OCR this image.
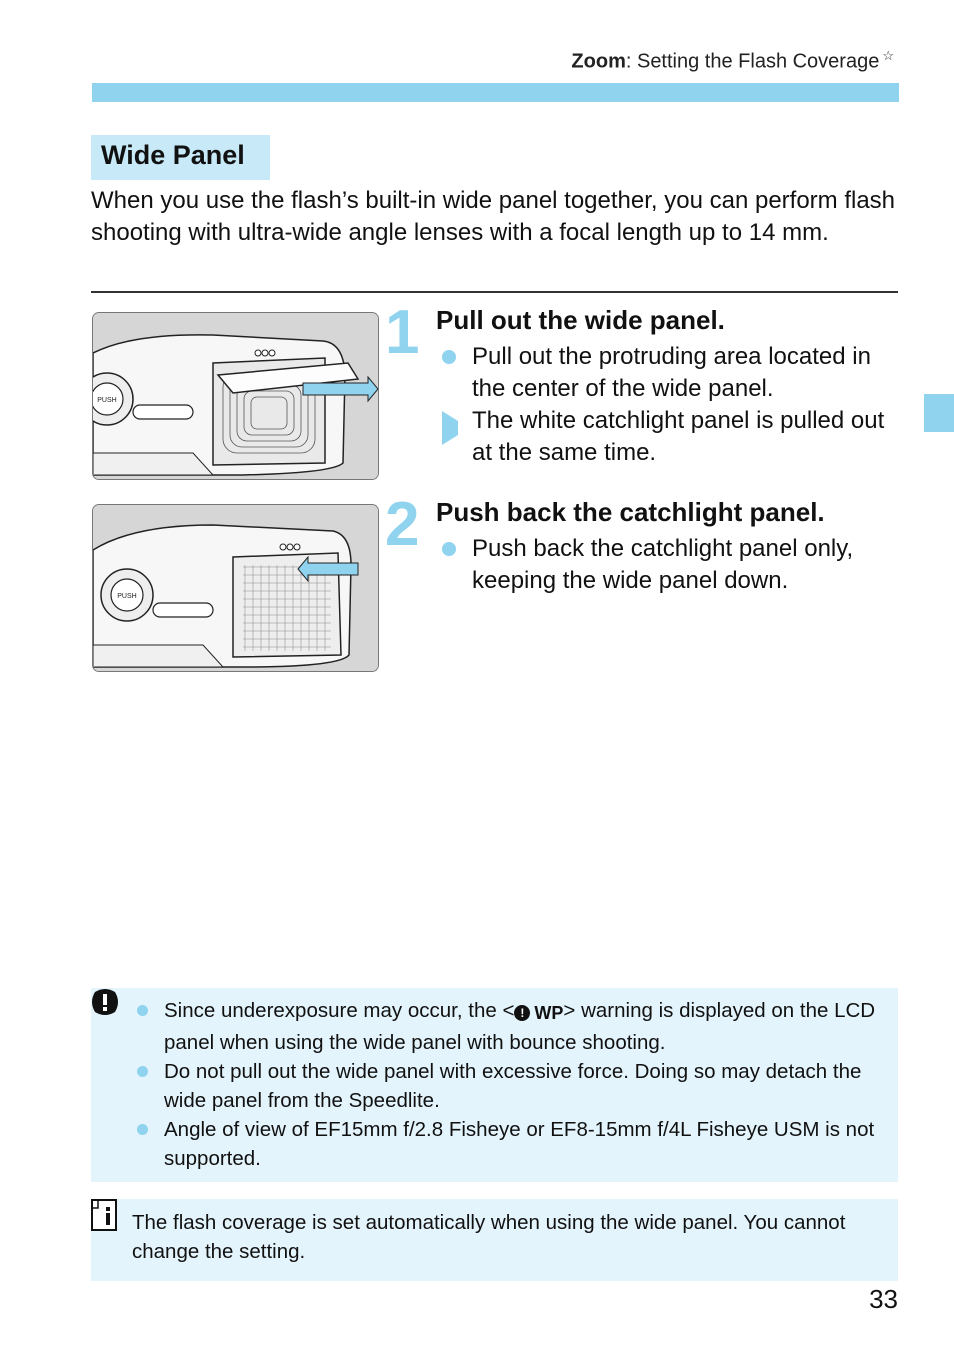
Zoom: Setting the Flash Coverage ☆
Wide Panel
When you use the flash’s built-in wide panel together, you can perform flash shooting with ultra-wide angle lenses with a focal length up to 14 mm.
PUSH
1 Pull out the wide panel.
Pull out the protruding area located in the center of the wide panel.
The white catchlight panel is pulled out at the same time.
PUSH
2 Push back the catchlight panel.
Push back the catchlight panel only, keeping the wide panel down.
Since underexposure may occur, the < ! WP > warning is displayed on the LCD panel when using the wide panel with bounce shooting.
Do not pull out the wide panel with excessive force. Doing so may detach the wide panel from the Speedlite.
Angle of view of EF15mm f/2.8 Fisheye or EF8-15mm f/4L Fisheye USM is not supported.
The flash coverage is set automatically when using the wide panel. You cannot change the setting.
33
